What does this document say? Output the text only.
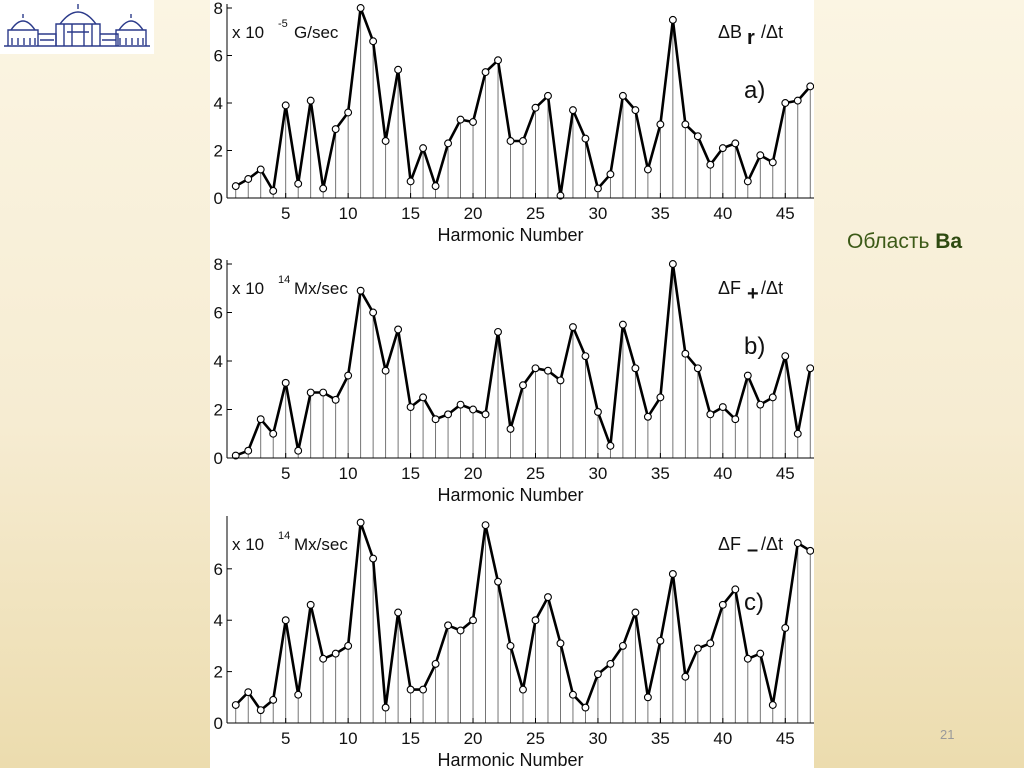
5	10	15	20	25	30	35	40	45
0
2
4
6
8
Harmonic Number
x 10 -5 G/sec	ΔB r /Δt
a)
5	10	15	20	25	30	35	40	45
0
2
4
6
8
Harmonic Number
x 10 14 Mx/sec	ΔF + /Δt
b)
5	10	15	20	25	30	35	40	45
0
2
4
6
Harmonic Number
x 10 14 Mx/sec	ΔF – /Δt
c)
Область Ba
21
